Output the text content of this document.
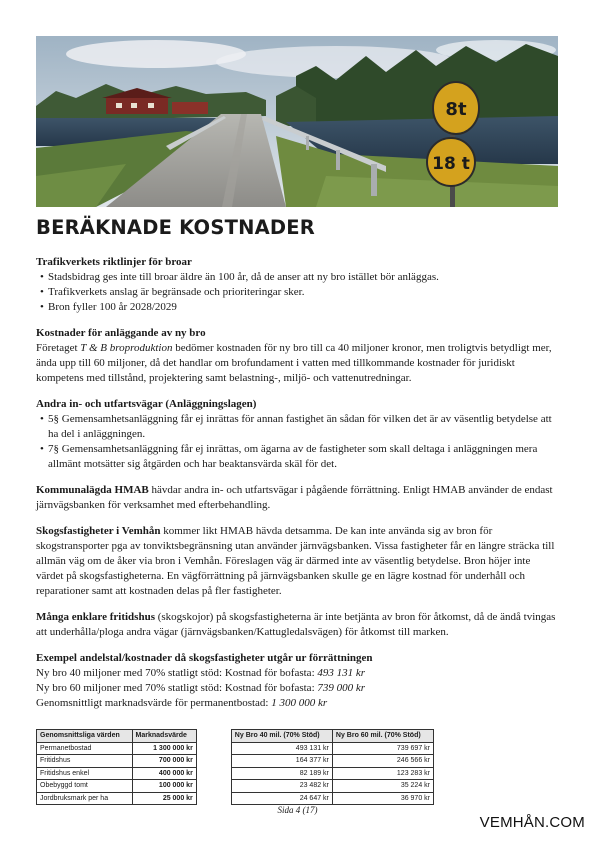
8t
18 t
BERÄKNADE KOSTNADER
Trafikverkets riktlinjer för broar

• Stadsbidrag ges inte till broar äldre än 100 år, då de anser att ny bro istället bör anläggas.

• Trafikverkets anslag är begränsade och prioriteringar sker.

• Bron fyller 100 år 2028/2029

Kostnader för anläggande av ny bro

Företaget T & B broproduktion bedömer kostnaden för ny bro till ca 40 miljoner kronor, men troligtvis betydligt mer, ända upp till 60 miljoner, då det handlar om brofundament i vatten med tillkommande kostnader för juridiskt kompetens med tillstånd, projektering samt belastning-, miljö- och vattenutredningar.

Andra in- och utfartsvägar (Anläggningslagen)

• 5§ Gemensamhetsanläggning får ej inrättas för annan fastighet än sådan för vilken det är av väsentlig betydelse att ha del i anläggningen.

• 7§ Gemensamhetsanläggning får ej inrättas, om ägarna av de fastigheter som skall deltaga i anläggningen mera allmänt motsätter sig åtgärden och har beaktansvärda skäl för det.

Kommunalägda HMAB hävdar andra in- och utfartsvägar i pågående förrättning. Enligt HMAB använder de endast järnvägsbanken för verksamhet med efterbehandling.

Skogsfastigheter i Vemhån kommer likt HMAB hävda detsamma. De kan inte använda sig av bron för skogstransporter pga av tonviktsbegränsning utan använder järnvägsbanken. Vissa fastigheter får en längre sträcka till allmän väg om de åker via bron i Vemhån. Föreslagen väg är därmed inte av väsentlig betydelse. Bron höjer inte värdet på skogsfastigheterna. En vägförrättning på järnvägsbanken skulle ge en lägre kostnad för underhåll och reparationer samt att kostnaden delas på fler fastigheter.

Många enklare fritidshus (skogskojor) på skogsfastigheterna är inte betjänta av bron för åtkomst, då de ändå tvingas att underhålla/ploga andra vägar (järnvägsbanken/Kattugledalsvägen) för åtkomst till marken.

Exempel andelstal/kostnader då skogsfastigheter utgår ur förrättningen

Ny bro 40 miljoner med 70% statligt stöd: Kostnad för bofasta: 493 131 kr

Ny bro 60 miljoner med 70% statligt stöd: Kostnad för bofasta: 739 000 kr

Genomsnittligt marknadsvärde för permanentbostad: 1 300 000 kr

Genomsnittsliga värden	Marknadsvärde		Ny Bro 40 mil. (70% Stöd)	Ny Bro 60 mil. (70% Stöd)
Permanetbostad	1 300 000 kr		493 131 kr	739 697 kr
Fritidshus	700 000 kr		164 377 kr	246 566 kr
Fritidshus enkel	400 000 kr		82 189 kr	123 283 kr
Obebyggd tomt	100 000 kr		23 482 kr	35 224 kr
Jordbruksmark per ha	25 000 kr		24 647 kr	36 970 kr
Sida 4 (17)
VEMHÅN.COM
